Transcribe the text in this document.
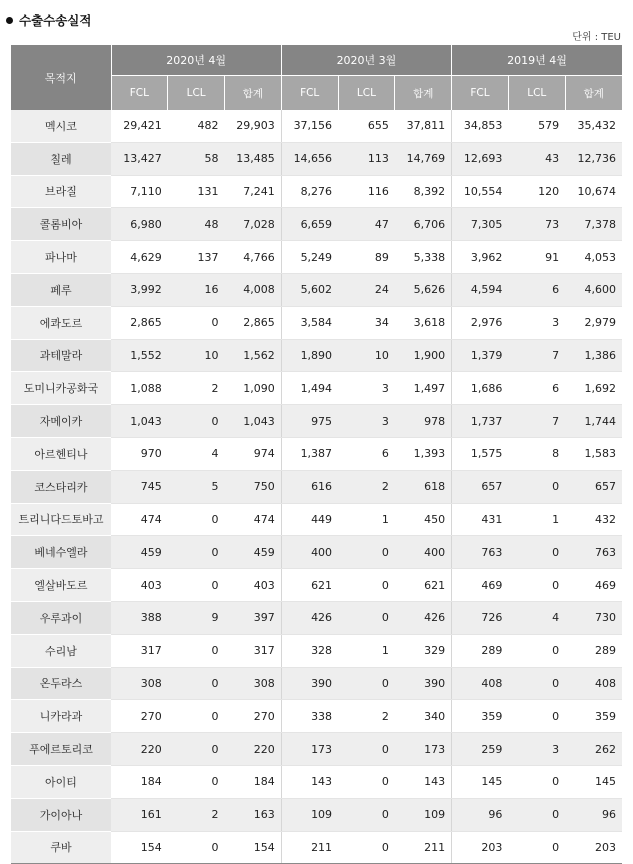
수출수송실적
단위 : TEU
목적지	2020년 4월			2020년 3월			2019년 4월		
	FCL	LCL	합계	FCL	LCL	합계	FCL	LCL	합계
멕시코	29,421	482	29,903	37,156	655	37,811	34,853	579	35,432
칠레	13,427	58	13,485	14,656	113	14,769	12,693	43	12,736
브라질	7,110	131	7,241	8,276	116	8,392	10,554	120	10,674
콜롬비아	6,980	48	7,028	6,659	47	6,706	7,305	73	7,378
파나마	4,629	137	4,766	5,249	89	5,338	3,962	91	4,053
페루	3,992	16	4,008	5,602	24	5,626	4,594	6	4,600
에콰도르	2,865	0	2,865	3,584	34	3,618	2,976	3	2,979
과테말라	1,552	10	1,562	1,890	10	1,900	1,379	7	1,386
도미니카공화국	1,088	2	1,090	1,494	3	1,497	1,686	6	1,692
자메이카	1,043	0	1,043	975	3	978	1,737	7	1,744
아르헨티나	970	4	974	1,387	6	1,393	1,575	8	1,583
코스타리카	745	5	750	616	2	618	657	0	657
트리니다드토바고	474	0	474	449	1	450	431	1	432
베네수엘라	459	0	459	400	0	400	763	0	763
엘살바도르	403	0	403	621	0	621	469	0	469
우루과이	388	9	397	426	0	426	726	4	730
수리남	317	0	317	328	1	329	289	0	289
온두라스	308	0	308	390	0	390	408	0	408
니카라과	270	0	270	338	2	340	359	0	359
푸에르토리코	220	0	220	173	0	173	259	3	262
아이티	184	0	184	143	0	143	145	0	145
가이아나	161	2	163	109	0	109	96	0	96
쿠바	154	0	154	211	0	211	203	0	203
